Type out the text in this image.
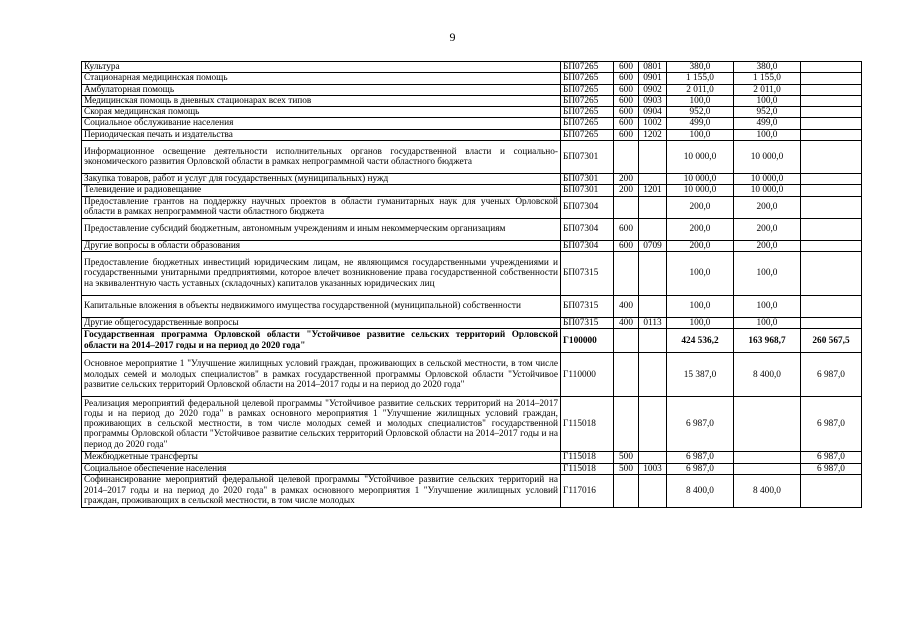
9
Культура	БП07265	600	0801	380,0	380,0	
Стационарная медицинская помощь	БП07265	600	0901	1 155,0	1 155,0	
Амбулаторная помощь	БП07265	600	0902	2 011,0	2 011,0	
Медицинская помощь в дневных стационарах всех типов	БП07265	600	0903	100,0	100,0	
Скорая медицинская помощь	БП07265	600	0904	952,0	952,0	
Социальное обслуживание населения	БП07265	600	1002	499,0	499,0	
Периодическая печать и издательства	БП07265	600	1202	100,0	100,0	
Информационное освещение деятельности исполнительных органов государственной власти и социально-экономического развития Орловской области в рамках непрограммной части областного бюджета	БП07301			10 000,0	10 000,0	
Закупка товаров, работ и услуг для государственных (муниципальных) нужд	БП07301	200		10 000,0	10 000,0	
Телевидение и радиовещание	БП07301	200	1201	10 000,0	10 000,0	
Предоставление грантов на поддержку научных проектов в области гуманитарных наук для ученых Орловской области в рамках непрограммной части областного бюджета	БП07304			200,0	200,0	
Предоставление субсидий бюджетным, автономным учреждениям и иным некоммерческим организациям	БП07304	600		200,0	200,0	
Другие вопросы в области образования	БП07304	600	0709	200,0	200,0	
Предоставление бюджетных инвестиций юридическим лицам, не являющимся государственными учреждениями и государственными унитарными предприятиями, которое влечет возникновение права государственной собственности на эквивалентную часть уставных (складочных) капиталов указанных юридических лиц	БП07315			100,0	100,0	
Капитальные вложения в объекты недвижимого имущества государственной (муниципальной) собственности	БП07315	400		100,0	100,0	
Другие общегосударственные вопросы	БП07315	400	0113	100,0	100,0	
Государственная программа Орловской области "Устойчивое развитие сельских территорий Орловской области на 2014–2017 годы и на период до 2020 года"	Г100000			424 536,2	163 968,7	260 567,5
Основное мероприятие 1 "Улучшение жилищных условий граждан, проживающих в сельской местности, в том числе молодых семей и молодых специалистов" в рамках государственной программы Орловской области "Устойчивое развитие сельских территорий Орловской области на 2014–2017 годы и на период до 2020 года"	Г110000			15 387,0	8 400,0	6 987,0
Реализация мероприятий федеральной целевой программы "Устойчивое развитие сельских территорий на 2014–2017 годы и на период до 2020 года" в рамках основного мероприятия 1 "Улучшение жилищных условий граждан, проживающих в сельской местности, в том числе молодых семей и молодых специалистов" государственной программы Орловской области "Устойчивое развитие сельских территорий Орловской области на 2014–2017 годы и на период до 2020 года"	Г115018			6 987,0		6 987,0
Межбюджетные трансферты	Г115018	500		6 987,0		6 987,0
Социальное обеспечение населения	Г115018	500	1003	6 987,0		6 987,0
Софинансирование мероприятий федеральной целевой программы "Устойчивое развитие сельских территорий на 2014–2017 годы и на период до 2020 года" в рамках основного мероприятия 1 "Улучшение жилищных условий граждан, проживающих в сельской местности, в том числе молодых	Г117016			8 400,0	8 400,0	
